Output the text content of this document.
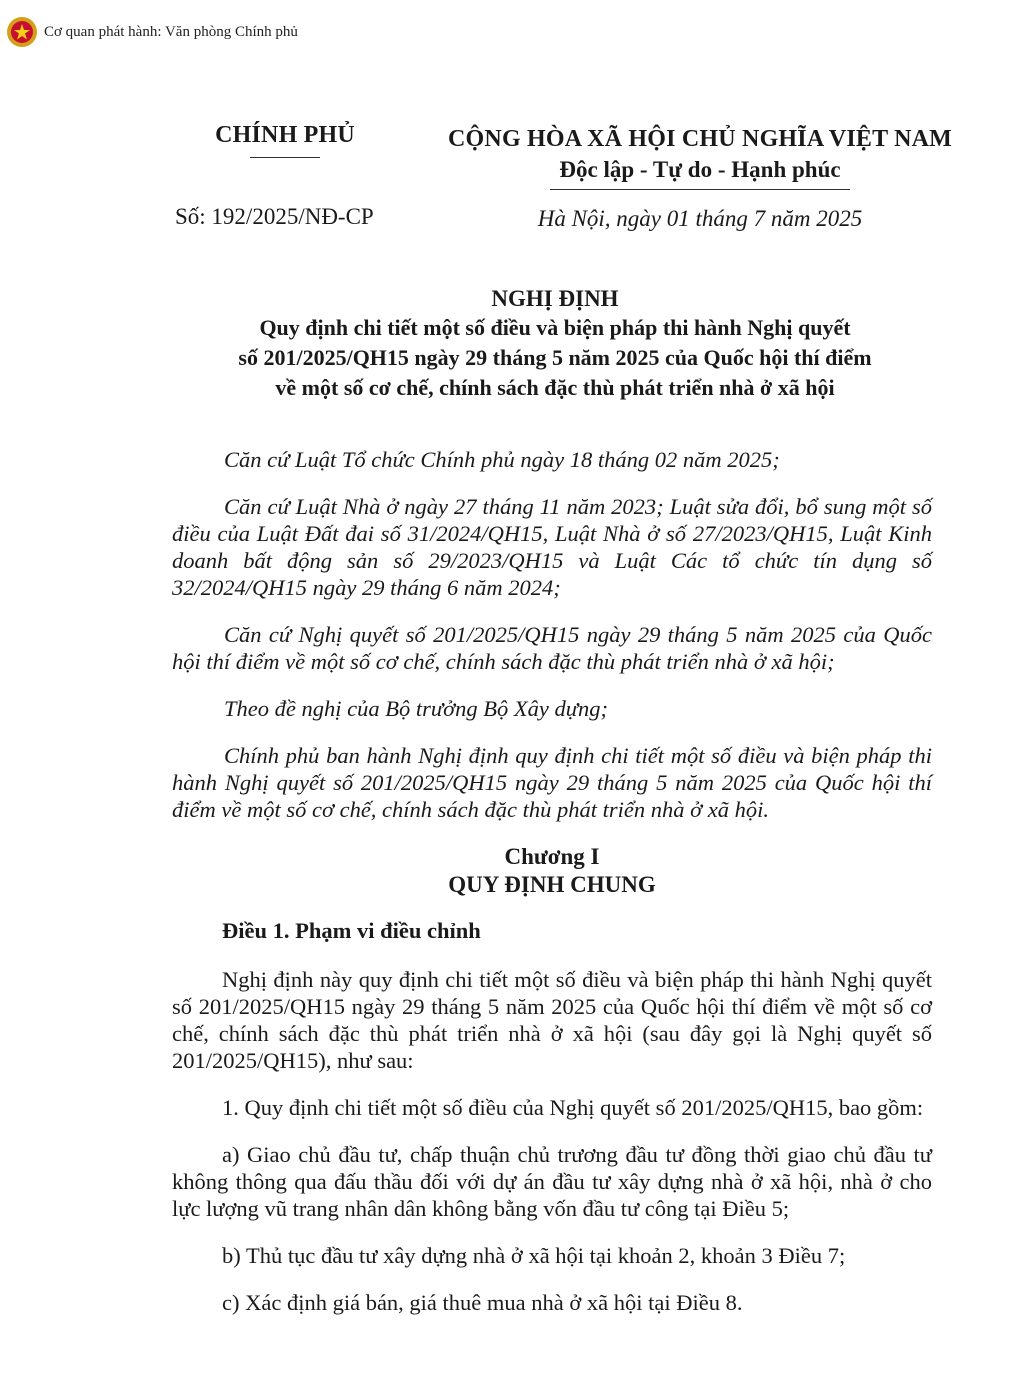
Cơ quan phát hành: Văn phòng Chính phủ
CHÍNH PHỦ	CỘNG HÒA XÃ HỘI CHỦ NGHĨA VIỆT NAM
Độc lập - Tự do - Hạnh phúc
Số: 192/2025/NĐ-CP	Hà Nội, ngày 01 tháng 7 năm 2025
NGHỊ ĐỊNH
Quy định chi tiết một số điều và biện pháp thi hành Nghị quyết
số 201/2025/QH15 ngày 29 tháng 5 năm 2025 của Quốc hội thí điểm
về một số cơ chế, chính sách đặc thù phát triển nhà ở xã hội

Căn cứ Luật Tổ chức Chính phủ ngày 18 tháng 02 năm 2025;

Căn cứ Luật Nhà ở ngày 27 tháng 11 năm 2023; Luật sửa đổi, bổ sung một số điều của Luật Đất đai số 31/2024/QH15, Luật Nhà ở số 27/2023/QH15, Luật Kinh doanh bất động sản số 29/2023/QH15 và Luật Các tổ chức tín dụng số 32/2024/QH15 ngày 29 tháng 6 năm 2024;

Căn cứ Nghị quyết số 201/2025/QH15 ngày 29 tháng 5 năm 2025 của Quốc hội thí điểm về một số cơ chế, chính sách đặc thù phát triển nhà ở xã hội;

Theo đề nghị của Bộ trưởng Bộ Xây dựng;

Chính phủ ban hành Nghị định quy định chi tiết một số điều và biện pháp thi hành Nghị quyết số 201/2025/QH15 ngày 29 tháng 5 năm 2025 của Quốc hội thí điểm về một số cơ chế, chính sách đặc thù phát triển nhà ở xã hội.

Chương I
QUY ĐỊNH CHUNG

Điều 1. Phạm vi điều chỉnh

Nghị định này quy định chi tiết một số điều và biện pháp thi hành Nghị quyết số 201/2025/QH15 ngày 29 tháng 5 năm 2025 của Quốc hội thí điểm về một số cơ chế, chính sách đặc thù phát triển nhà ở xã hội (sau đây gọi là Nghị quyết số 201/2025/QH15), như sau:

1. Quy định chi tiết một số điều của Nghị quyết số 201/2025/QH15, bao gồm:

a) Giao chủ đầu tư, chấp thuận chủ trương đầu tư đồng thời giao chủ đầu tư không thông qua đấu thầu đối với dự án đầu tư xây dựng nhà ở xã hội, nhà ở cho lực lượng vũ trang nhân dân không bằng vốn đầu tư công tại Điều 5;

b) Thủ tục đầu tư xây dựng nhà ở xã hội tại khoản 2, khoản 3 Điều 7;

c) Xác định giá bán, giá thuê mua nhà ở xã hội tại Điều 8.
